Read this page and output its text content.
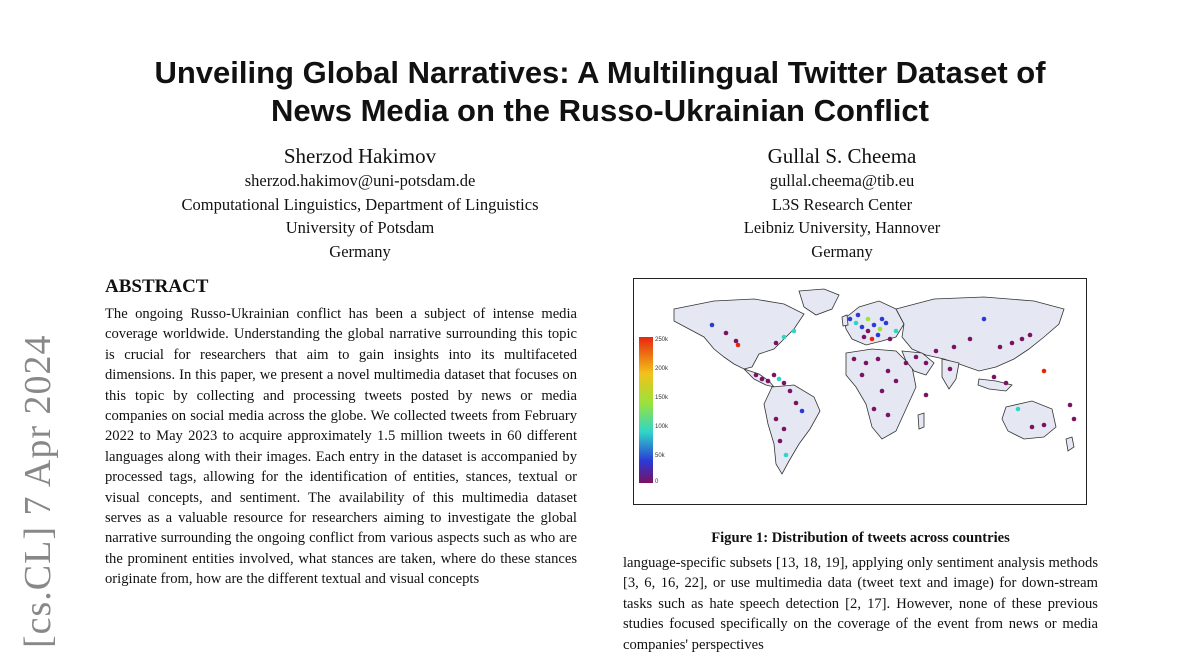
[cs.CL] 7 Apr 2024
Unveiling Global Narratives: A Multilingual Twitter Dataset of
News Media on the Russo-Ukrainian Conflict
Sherzod Hakimov
sherzod.hakimov@uni-potsdam.de
Computational Linguistics, Department of Linguistics
University of Potsdam
Germany
Gullal S. Cheema
gullal.cheema@tib.eu
L3S Research Center
Leibniz University, Hannover
Germany
ABSTRACT
The ongoing Russo-Ukrainian conflict has been a subject of intense media coverage worldwide. Understanding the global narrative surrounding this topic is crucial for researchers that aim to gain insights into its multifaceted dimensions. In this paper, we present a novel multimedia dataset that focuses on this topic by collecting and processing tweets posted by news or media companies on social media across the globe. We collected tweets from February 2022 to May 2023 to acquire approximately 1.5 million tweets in 60 different languages along with their images. Each entry in the dataset is accompanied by processed tags, allowing for the identification of entities, stances, textual or visual concepts, and sentiment. The availability of this multimedia dataset serves as a valuable resource for researchers aiming to investigate the global narrative surrounding the ongoing conflict from various aspects such as who are the prominent entities involved, what stances are taken, where do these stances originate from, how are the different textual and visual concepts
250k
200k
150k
100k
50k
0
Figure 1: Distribution of tweets across countries
language-specific subsets [13, 18, 19], applying only sentiment analysis methods [3, 6, 16, 22], or use multimedia data (tweet text and image) for down-stream tasks such as hate speech detection [2, 17]. However, none of these previous studies focused specifically on the coverage of the event from news or media companies' perspectives
